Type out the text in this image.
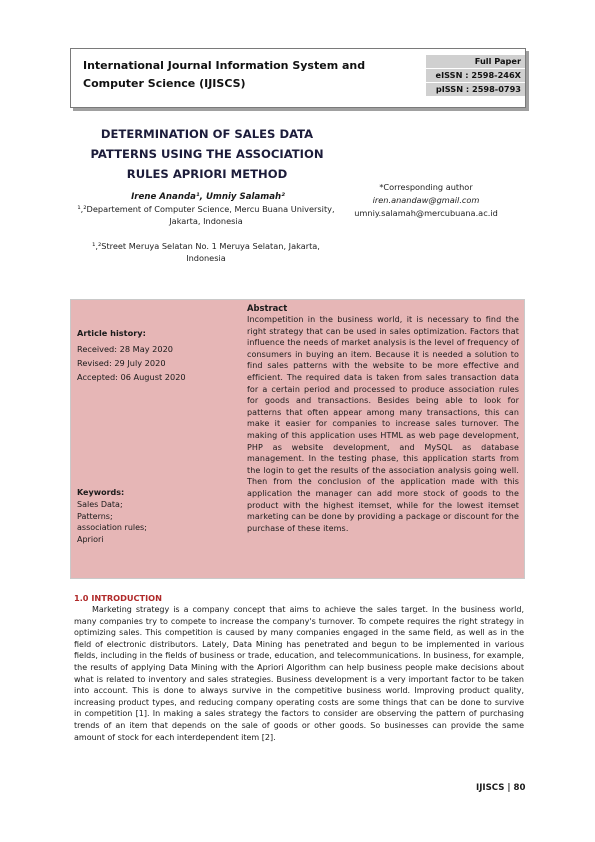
International Journal Information System and Computer Science (IJISCS)
Full Paper
eISSN : 2598-246X
pISSN : 2598-0793
DETERMINATION OF SALES DATA PATTERNS USING THE ASSOCIATION RULES APRIORI METHOD
Irene Ananda¹, Umniy Salamah²
¹,²Departement of Computer Science, Mercu Buana University, Jakarta, Indonesia
¹,²Street Meruya Selatan No. 1 Meruya Selatan, Jakarta, Indonesia
*Corresponding author
iren.anandaw@gmail.com
umniy.salamah@mercubuana.ac.id
Article history:
Received: 28 May 2020
Revised: 29 July 2020
Accepted: 06 August 2020
Keywords:
Sales Data;
Patterns;
association rules;
Apriori
Abstract
Incompetition in the business world, it is necessary to find the right strategy that can be used in sales optimization. Factors that influence the needs of market analysis is the level of frequency of consumers in buying an item. Because it is needed a solution to find sales patterns with the website to be more effective and efficient. The required data is taken from sales transaction data for a certain period and processed to produce association rules for goods and transactions. Besides being able to look for patterns that often appear among many transactions, this can make it easier for companies to increase sales turnover. The making of this application uses HTML as web page development, PHP as website development, and MySQL as database management. In the testing phase, this application starts from the login to get the results of the association analysis going well. Then from the conclusion of the application made with this application the manager can add more stock of goods to the product with the highest itemset, while for the lowest itemset marketing can be done by providing a package or discount for the purchase of these items.
1.0 INTRODUCTION
Marketing strategy is a company concept that aims to achieve the sales target. In the business world, many companies try to compete to increase the company's turnover. To compete requires the right strategy in optimizing sales. This competition is caused by many companies engaged in the same field, as well as in the field of electronic distributors. Lately, Data Mining has penetrated and begun to be implemented in various fields, including in the fields of business or trade, education, and telecommunications. In business, for example, the results of applying Data Mining with the Apriori Algorithm can help business people make decisions about what is related to inventory and sales strategies. Business development is a very important factor to be taken into account. This is done to always survive in the competitive business world. Improving product quality, increasing product types, and reducing company operating costs are some things that can be done to survive in competition [1]. In making a sales strategy the factors to consider are observing the pattern of purchasing trends of an item that depends on the sale of goods or other goods. So businesses can provide the same amount of stock for each interdependent item [2].
IJISCS | 80
